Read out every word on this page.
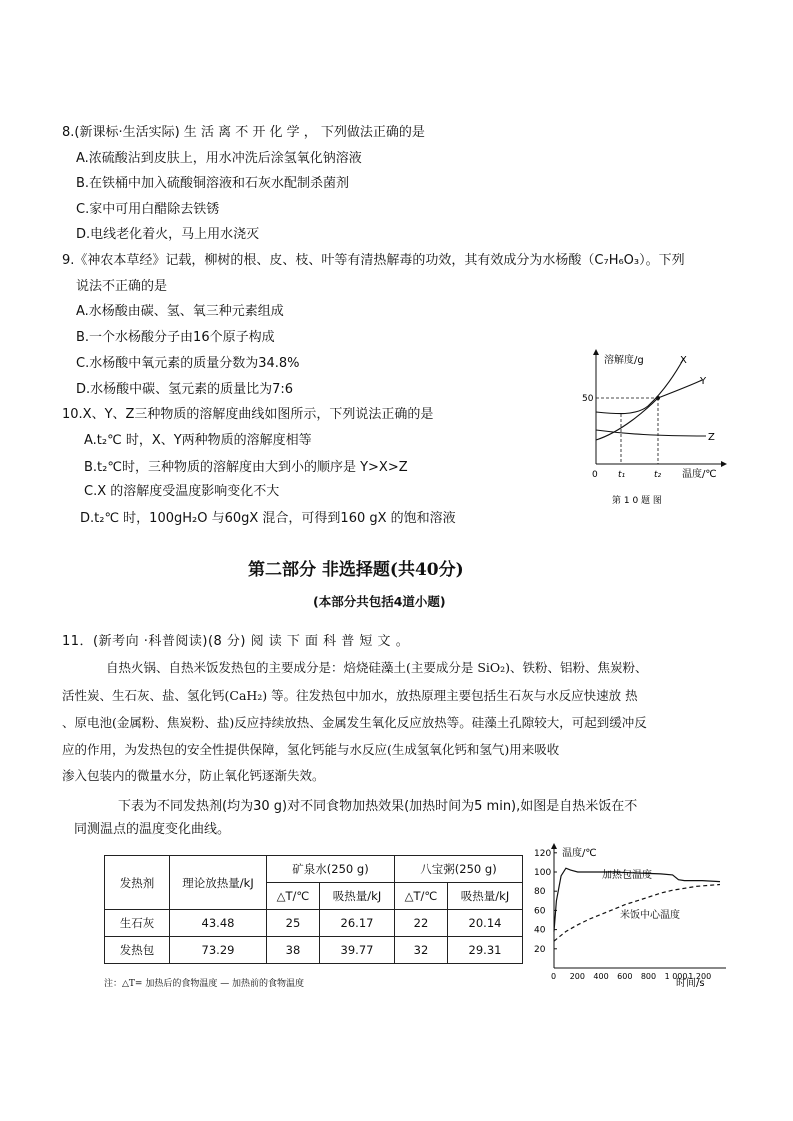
8.(新课标·生活实际) 生 活 离 不 开 化 学 ， 下列做法正确的是
A.浓硫酸沾到皮肤上，用水冲洗后涂氢氧化钠溶液
B.在铁桶中加入硫酸铜溶液和石灰水配制杀菌剂
C.家中可用白醋除去铁锈
D.电线老化着火，马上用水浇灭
9.《神农本草经》记载，柳树的根、皮、枝、叶等有清热解毒的功效，其有效成分为水杨酸（C₇H₆O₃）。下列
说法不正确的是
A.水杨酸由碳、氢、氧三种元素组成
B.一个水杨酸分子由16个原子构成
C.水杨酸中氧元素的质量分数为34.8%
D.水杨酸中碳、氢元素的质量比为7:6
10.X、Y、Z三种物质的溶解度曲线如图所示，下列说法正确的是
A.t₂℃ 时，X、Y两种物质的溶解度相等
B.t₂℃时，三种物质的溶解度由大到小的顺序是 Y>X>Z
C.X 的溶解度受温度影响变化不大
D.t₂℃ 时，100gH₂O 与60gX 混合，可得到160 gX 的饱和溶液
溶解度/g
50
X
Y
Z
0 t₁	t₂ 温度/℃
第 1 0 题 图
第二部分 非选择题(共40分)
(本部分共包括4道小题)
11．(新考向 ·科普阅读)(8 分) 阅 读 下 面 科 普 短 文 。
自热火锅、自热米饭发热包的主要成分是：焙烧硅藻土(主要成分是 SiO₂)、铁粉、铝粉、焦炭粉、
活性炭、生石灰、盐、氢化钙(CaH₂) 等。往发热包中加水，放热原理主要包括生石灰与水反应快速放 热
、原电池(金属粉、焦炭粉、盐)反应持续放热、金属发生氧化反应放热等。硅藻土孔隙较大，可起到缓冲反
应的作用，为发热包的安全性提供保障，氢化钙能与水反应(生成氢氧化钙和氢气)用来吸收
渗入包装内的微量水分，防止氧化钙逐渐失效。
下表为不同发热剂(均为30 g)对不同食物加热效果(加热时间为5 min),如图是自热米饭在不
同测温点的温度变化曲线。
发热剂	理论放热量/kJ	矿泉水(250 g)		八宝粥(250 g)	
		△T/℃	吸热量/kJ	△T/℃	吸热量/kJ
生石灰	43.48	25	26.17	22	20.14
发热包	73.29	38	39.77	32	29.31
注：△T= 加热后的食物温度 — 加热前的食物温度
温度/℃
120
100
80
60
40
20
0 200 400 600 800 1 000 1 200
加热包温度
米饭中心温度
时间/s
